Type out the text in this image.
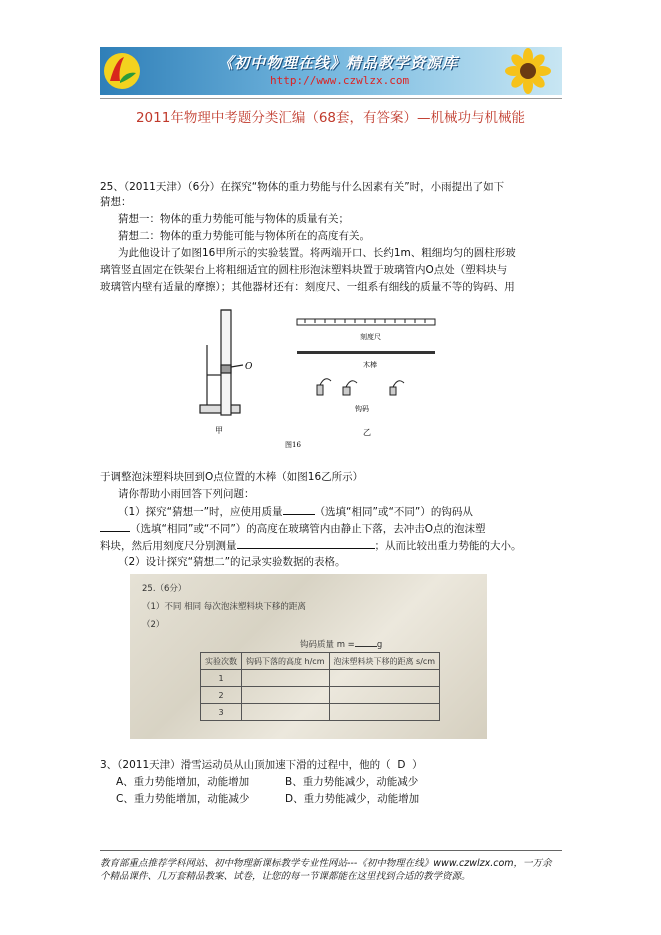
《初中物理在线》精品教学资源库
http://www.czwlzx.com
2011年物理中考题分类汇编（68套，有答案）—机械功与机械能
25、（2011天津）（6分）在探究“物体的重力势能与什么因素有关”时，小雨提出了如下
猜想：
猜想一：物体的重力势能可能与物体的质量有关；
猜想二：物体的重力势能可能与物体所在的高度有关。
为此他设计了如图16甲所示的实验装置。将两端开口、长约1m、粗细均匀的圆柱形玻
璃管竖直固定在铁架台上将粗细适宜的圆柱形泡沫塑料块置于玻璃管内O点处（塑料块与
玻璃管内壁有适量的摩擦）；其他器材还有：刻度尺、一组系有细线的质量不等的钩码、用
O
甲
刻度尺
木棒
钩码
乙
图16
于调整泡沫塑料块回到O点位置的木棒（如图16乙所示）
请你帮助小雨回答下列问题：
（1）探究“猜想一”时，应使用质量	（选填“相同”或“不同”）的钩码从
（选填“相同”或“不同”）的高度在玻璃管内由静止下落，去冲击O点的泡沫塑
料块，然后用刻度尺分别测量	；从而比较出重力势能的大小。
（2）设计探究“猜想二”的记录实验数据的表格。
25.（6分）
（1）不同 相同 每次泡沫塑料块下移的距离
（2）
钩码质量 m =	g
实验次数	钩码下落的高度 h/cm	泡沫塑料块下移的距离 s/cm
1		
2		
3		
3、（2011天津）滑雪运动员从山顶加速下滑的过程中，他的（ D ）
A、重力势能增加，动能增加	B、重力势能减少，动能减少
C、重力势能增加，动能减少	D、重力势能减少，动能增加
教育部重点推荐学科网站、初中物理新课标教学专业性网站---《初中物理在线》www.czwlzx.com，一万余
个精品课件、几万套精品教案、试卷，让您的每一节课都能在这里找到合适的教学资源。
